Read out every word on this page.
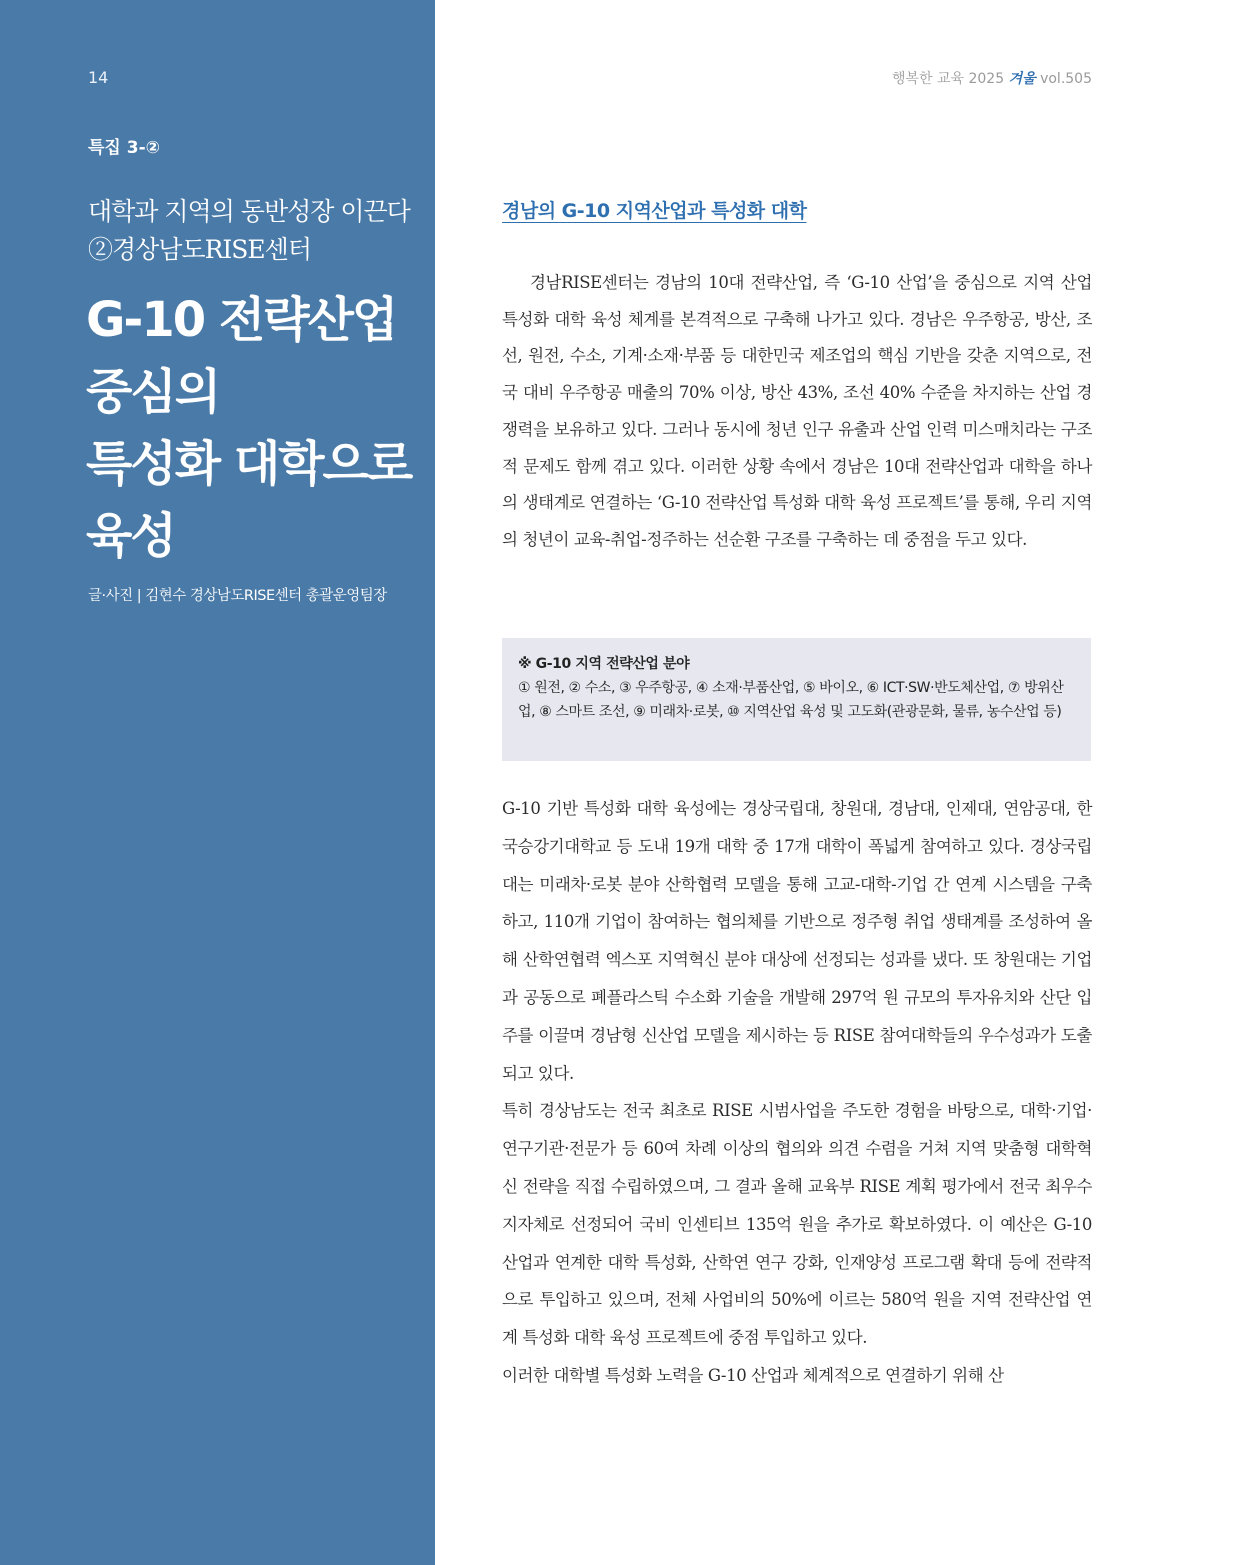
14
특집 3-②
대학과 지역의 동반성장 이끈다
②경상남도RISE센터
G-10 전략산업
중심의
특성화 대학으로
육성
글·사진 | 김현수 경상남도RISE센터 총괄운영팀장
행복한 교육 2025 겨울 vol.505
경남의 G-10 지역산업과 특성화 대학

경남RISE센터는 경남의 10대 전략산업, 즉 ‘G-10 산업’을 중심으로 지역 산업 특성화 대학 육성 체계를 본격적으로 구축해 나가고 있다. 경남은 우주항공, 방산, 조선, 원전, 수소, 기계·소재·부품 등 대한민국 제조업의 핵심 기반을 갖춘 지역으로, 전국 대비 우주항공 매출의 70% 이상, 방산 43%, 조선 40% 수준을 차지하는 산업 경쟁력을 보유하고 있다. 그러나 동시에 청년 인구 유출과 산업 인력 미스매치라는 구조적 문제도 함께 겪고 있다. 이러한 상황 속에서 경남은 10대 전략산업과 대학을 하나의 생태계로 연결하는 ‘G-10 전략산업 특성화 대학 육성 프로젝트’를 통해, 우리 지역의 청년이 교육-취업-정주하는 선순환 구조를 구축하는 데 중점을 두고 있다.

※ G-10 지역 전략산업 분야
① 원전, ② 수소, ③ 우주항공, ④ 소재·부품산업, ⑤ 바이오, ⑥ ICT·SW·반도체산업, ⑦ 방위산업, ⑧ 스마트 조선, ⑨ 미래차·로봇, ⑩ 지역산업 육성 및 고도화(관광문화, 물류, 농수산업 등)

G-10 기반 특성화 대학 육성에는 경상국립대, 창원대, 경남대, 인제대, 연암공대, 한국승강기대학교 등 도내 19개 대학 중 17개 대학이 폭넓게 참여하고 있다. 경상국립대는 미래차·로봇 분야 산학협력 모델을 통해 고교-대학-기업 간 연계 시스템을 구축하고, 110개 기업이 참여하는 협의체를 기반으로 정주형 취업 생태계를 조성하여 올해 산학연협력 엑스포 지역혁신 분야 대상에 선정되는 성과를 냈다. 또 창원대는 기업과 공동으로 폐플라스틱 수소화 기술을 개발해 297억 원 규모의 투자유치와 산단 입주를 이끌며 경남형 신산업 모델을 제시하는 등 RISE 참여대학들의 우수성과가 도출되고 있다.

특히 경상남도는 전국 최초로 RISE 시범사업을 주도한 경험을 바탕으로, 대학·기업·연구기관·전문가 등 60여 차례 이상의 협의와 의견 수렴을 거쳐 지역 맞춤형 대학혁신 전략을 직접 수립하였으며, 그 결과 올해 교육부 RISE 계획 평가에서 전국 최우수 지자체로 선정되어 국비 인센티브 135억 원을 추가로 확보하였다. 이 예산은 G-10 산업과 연계한 대학 특성화, 산학연 연구 강화, 인재양성 프로그램 확대 등에 전략적으로 투입하고 있으며, 전체 사업비의 50%에 이르는 580억 원을 지역 전략산업 연계 특성화 대학 육성 프로젝트에 중점 투입하고 있다.

이러한 대학별 특성화 노력을 G-10 산업과 체계적으로 연결하기 위해 산
